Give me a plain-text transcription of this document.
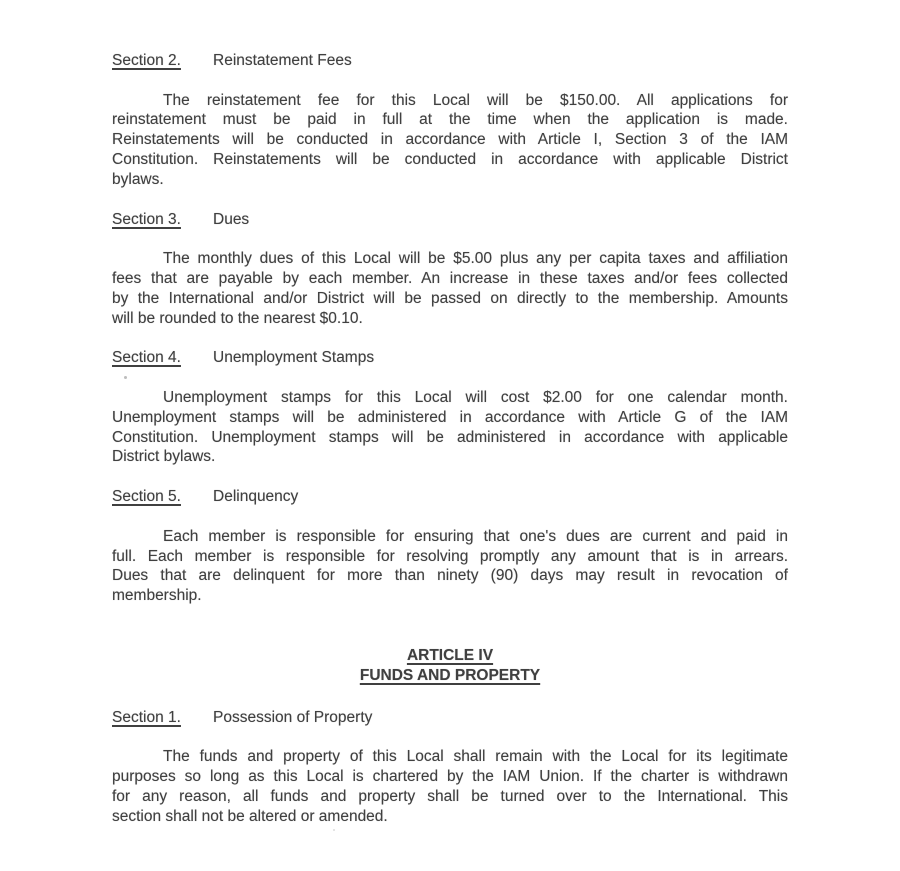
Section 2. Reinstatement Fees
The reinstatement fee for this Local will be $150.00. All applications for
reinstatement must be paid in full at the time when the application is made.
Reinstatements will be conducted in accordance with Article I, Section 3 of the IAM
Constitution. Reinstatements will be conducted in accordance with applicable District
bylaws.
Section 3. Dues
The monthly dues of this Local will be $5.00 plus any per capita taxes and affiliation
fees that are payable by each member. An increase in these taxes and/or fees collected
by the International and/or District will be passed on directly to the membership. Amounts
will be rounded to the nearest $0.10.
Section 4. Unemployment Stamps
Unemployment stamps for this Local will cost $2.00 for one calendar month.
Unemployment stamps will be administered in accordance with Article G of the IAM
Constitution. Unemployment stamps will be administered in accordance with applicable
District bylaws.
Section 5. Delinquency
Each member is responsible for ensuring that one's dues are current and paid in
full. Each member is responsible for resolving promptly any amount that is in arrears.
Dues that are delinquent for more than ninety (90) days may result in revocation of
membership.
ARTICLE IV
FUNDS AND PROPERTY
Section 1. Possession of Property
The funds and property of this Local shall remain with the Local for its legitimate
purposes so long as this Local is chartered by the IAM Union. If the charter is withdrawn
for any reason, all funds and property shall be turned over to the International. This
section shall not be altered or amended.
